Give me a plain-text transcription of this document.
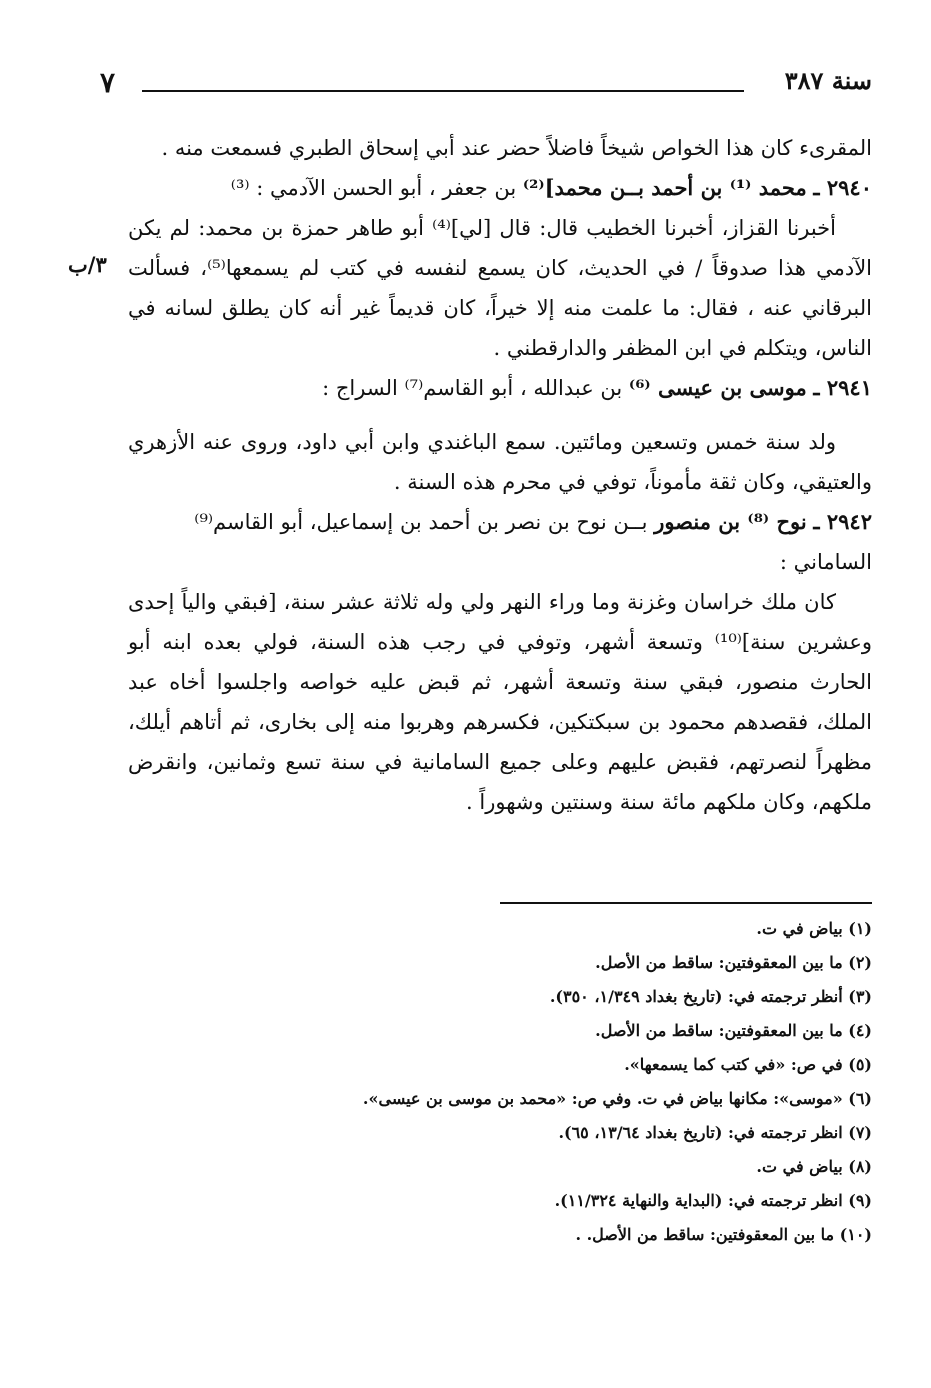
سنة ٣٨٧
٧

المقرىء كان هذا الخواص شيخاً فاضلاً حضر عند أبي إسحاق الطبري فسمعت منه .

٢٩٤٠ ـ محمد ⁽¹⁾ بن أحمد بــن محمد]⁽²⁾ بن جعفر ، أبو الحسن الآدمي : ⁽³⁾

٣/ب

أخبرنا القزاز، أخبرنا الخطيب قال: قال [لي]⁽⁴⁾ أبو طاهر حمزة بن محمد: لم يكن الآدمي هذا صدوقاً / في الحديث، كان يسمع لنفسه في كتب لم يسمعها⁽⁵⁾، فسألت البرقاني عنه ، فقال: ما علمت منه إلا خيراً، كان قديماً غير أنه كان يطلق لسانه في الناس، ويتكلم في ابن المظفر والدارقطني .

٢٩٤١ ـ موسى بن عيسى ⁽⁶⁾ بن عبدالله ، أبو القاسم⁽⁷⁾ السراج :

ولد سنة خمس وتسعين ومائتين. سمع الباغندي وابن أبي داود، وروى عنه الأزهري والعتيقي، وكان ثقة مأموناً، توفي في محرم هذه السنة .

٢٩٤٢ ـ نوح ⁽⁸⁾ بن منصور بــن نوح بن نصر بن أحمد بن إسماعيل، أبو القاسم⁽⁹⁾ الساماني :

كان ملك خراسان وغزنة وما وراء النهر ولي وله ثلاثة عشر سنة، [فبقي والياً إحدى وعشرين سنة]⁽¹⁰⁾ وتسعة أشهر، وتوفي في رجب هذه السنة، فولي بعده ابنه أبو الحارث منصور، فبقي سنة وتسعة أشهر، ثم قبض عليه خواصه واجلسوا أخاه عبد الملك، فقصدهم محمود بن سبكتكين، فكسرهم وهربوا منه إلى بخارى، ثم أتاهم أيلك، مظهراً لنصرتهم، فقبض عليهم وعلى جميع السامانية في سنة تسع وثمانين، وانقرض ملكهم، وكان ملكهم مائة سنة وسنتين وشهوراً .

(١) بياض في ت.

(٢) ما بين المعقوفتين: ساقط من الأصل.

(٣) أنظر ترجمته في: (تاريخ بغداد ١/٣٤٩، ٣٥٠).

(٤) ما بين المعقوفتين: ساقط من الأصل.

(٥) في ص: «في كتب كما يسمعها».

(٦) «موسى»: مكانها بياض في ت. وفي ص: «محمد بن موسى بن عيسى».

(٧) انظر ترجمته في: (تاريخ بغداد ١٣/٦٤، ٦٥).

(٨) بياض في ت.

(٩) انظر ترجمته في: (البداية والنهاية ١١/٣٢٤).

(١٠) ما بين المعقوفتين: ساقط من الأصل. .
